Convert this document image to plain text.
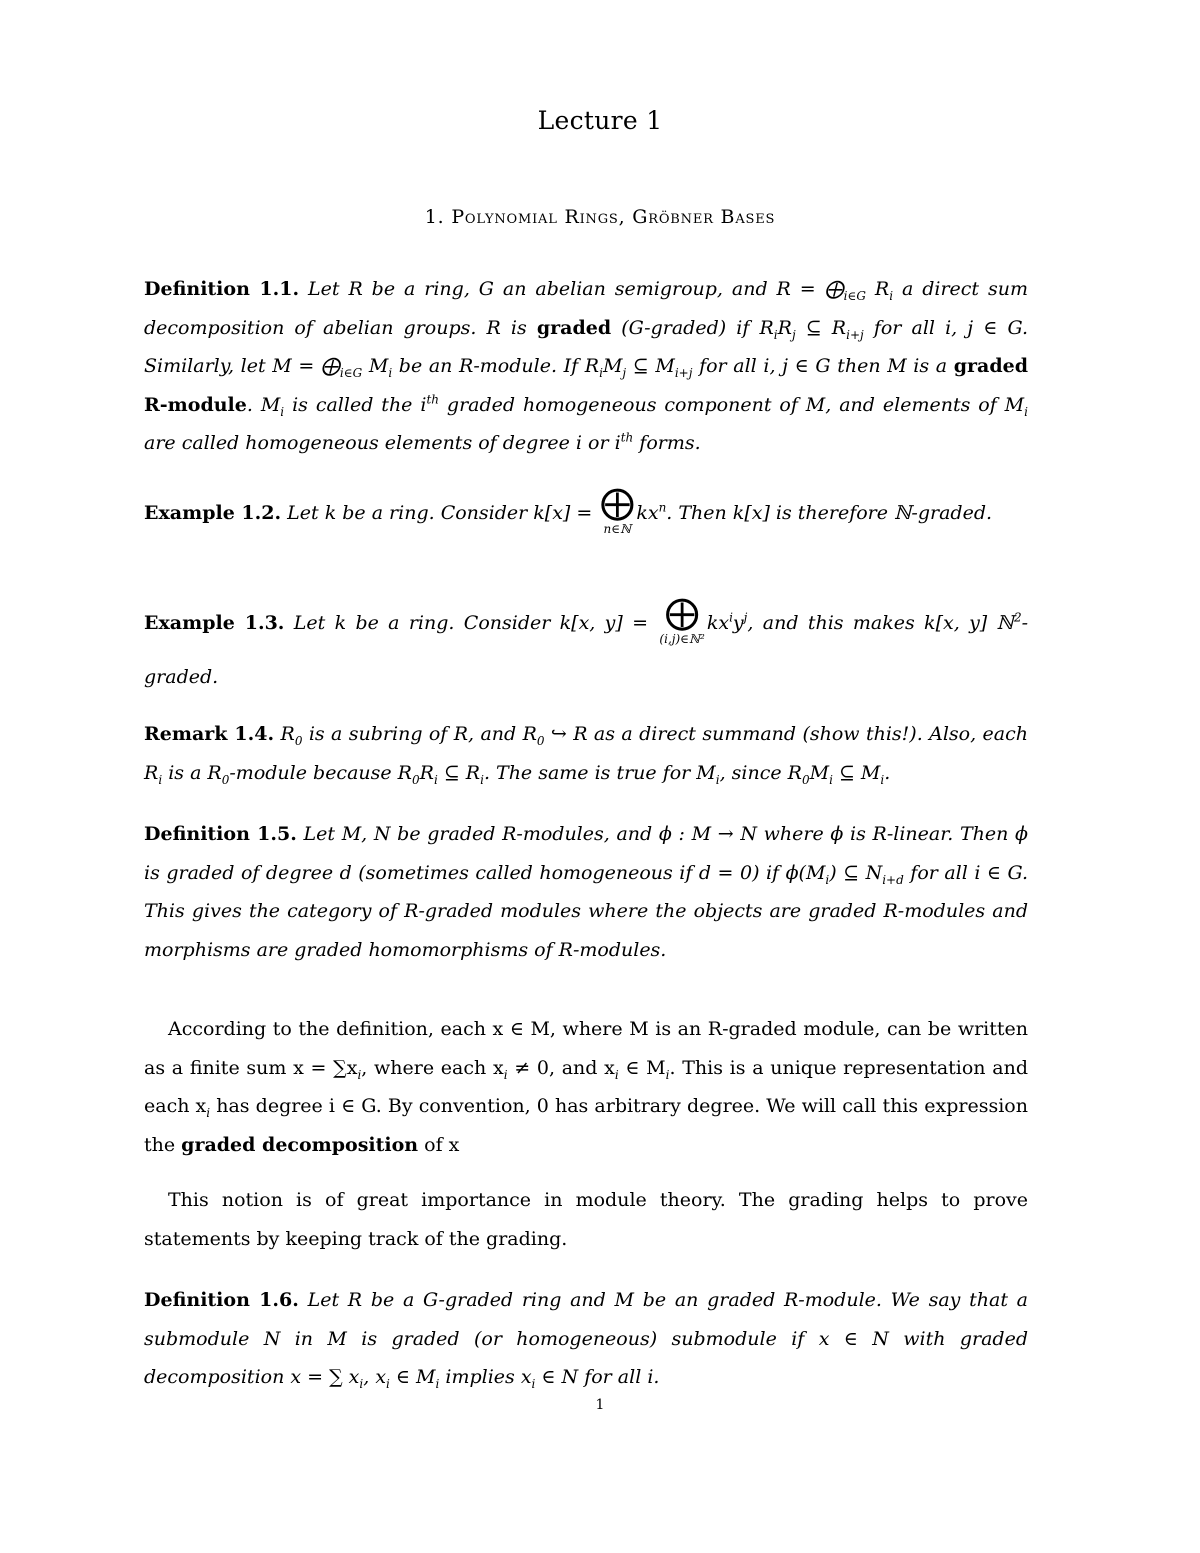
Lecture 1
1. Polynomial Rings, Gröbner Bases
Definition 1.1. Let R be a ring, G an abelian semigroup, and $R = ⨁_{i\in G}$ $R_i$ a direct sum decomposition of abelian groups. R is graded (G-graded) if $R_iR_j$ ⊆ $R_{i+j}$ for all i, j ∈ G. Similarly, let $M = ⨁_{i\in G}$ $M_i$ be an R-module. If $R_iM_j$ ⊆ $M_{i+j}$ for all i, j ∈ G then M is a graded R-module. $M_i$ is called the $i^{th}$ graded homogeneous component of M, and elements of $M_i$ are called homogeneous elements of degree i or $i^{th}$ forms.
Example 1.2. Let k be a ring. Consider k[x] = ⨁
n∈ℕ
$kx^n$. Then k[x] is therefore ℕ-graded.
Example 1.3. Let k be a ring. Consider k[x, y] = ⨁
(i,j)∈ℕ²
$kx^iy^j$, and this makes k[x, y] ℕ$^2$-graded.
Remark 1.4. $R_0$ is a subring of R, and $R_0$ ↪ R as a direct summand (show this!). Also, each $R_i$ is a $R_0$-module because $R_0R_i$ ⊆ $R_i$. The same is true for $M_i$, since $R_0M_i$ ⊆ $M_i$.
Definition 1.5. Let M, N be graded R-modules, and ϕ : M → N where ϕ is R-linear. Then ϕ is graded of degree d (sometimes called homogeneous if d = 0) if $\phi(M_i)$ ⊆ $N_{i+d}$ for all i ∈ G. This gives the category of R-graded modules where the objects are graded R-modules and morphisms are graded homomorphisms of R-modules.
According to the definition, each x ∈ M, where M is an R-graded module, can be written as a finite sum $x = \sum x_i$, where each $x_i \ne 0$, and $x_i$ ∈ $M_i$. This is a unique representation and each $x_i$ has degree i ∈ G. By convention, 0 has arbitrary degree. We will call this expression the graded decomposition of x
This notion is of great importance in module theory. The grading helps to prove statements by keeping track of the grading.
Definition 1.6. Let R be a G-graded ring and M be an graded R-module. We say that a submodule N in M is graded (or homogeneous) submodule if x ∈ N with graded decomposition x = ∑ $x_i$, $x_i$ ∈ $M_i$ implies $x_i$ ∈ N for all i.
1
